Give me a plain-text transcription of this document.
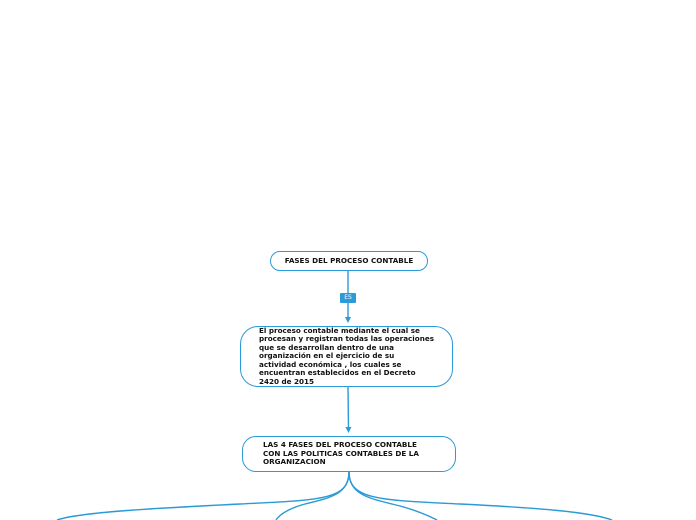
FASES DEL PROCESO CONTABLE
ES
El proceso contable mediante el cual se procesan y registran todas las operaciones que se desarrollan dentro de una organización en el ejercicio de su actividad económica , los cuales se encuentran establecidos en el Decreto 2420 de 2015
LAS 4 FASES DEL PROCESO CONTABLE CON LAS POLITICAS CONTABLES DE LA ORGANIZACION
